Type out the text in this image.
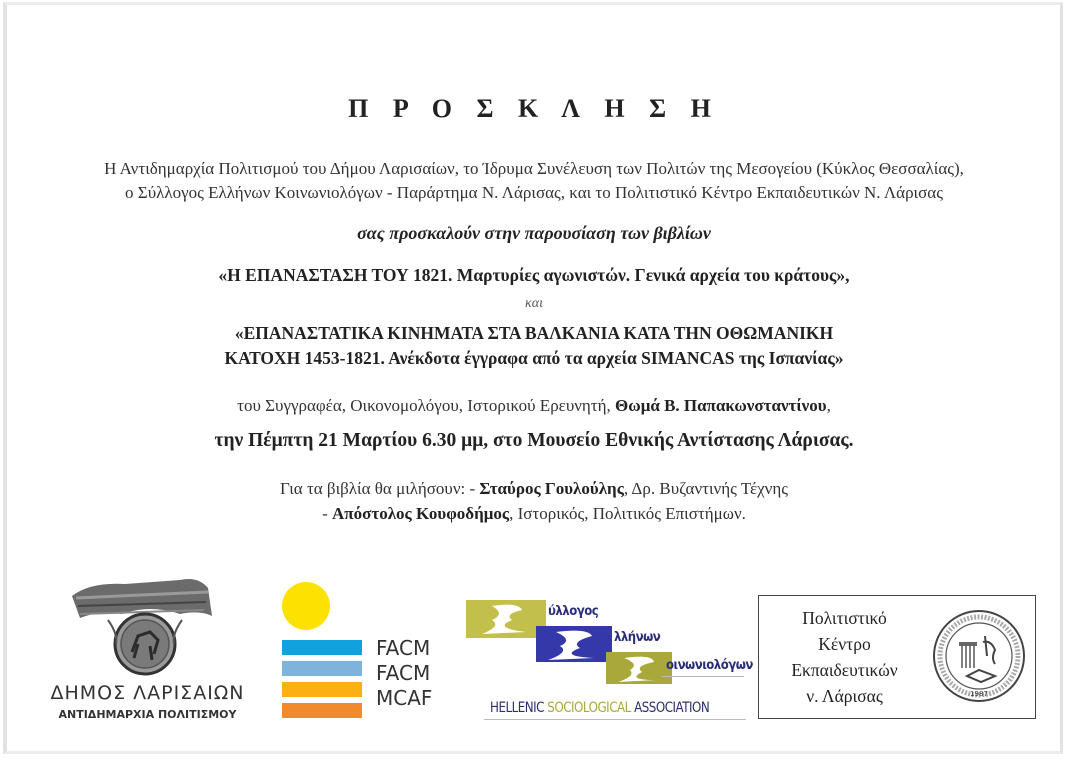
Π Ρ Ο Σ Κ Λ Η Σ Η
Η Αντιδημαρχία Πολιτισμού του Δήμου Λαρισαίων, το Ίδρυμα Συνέλευση των Πολιτών της Μεσογείου (Κύκλος Θεσσαλίας),
ο Σύλλογος Ελλήνων Κοινωνιολόγων - Παράρτημα Ν. Λάρισας, και το Πολιτιστικό Κέντρο Εκπαιδευτικών Ν. Λάρισας
σας προσκαλούν στην παρουσίαση των βιβλίων
«Η ΕΠΑΝΑΣΤΑΣΗ ΤΟΥ 1821. Μαρτυρίες αγωνιστών. Γενικά αρχεία του κράτους»,
και
«ΕΠΑΝΑΣΤΑΤΙΚΑ ΚΙΝΗΜΑΤΑ ΣΤΑ ΒΑΛΚΑΝΙΑ ΚΑΤΑ ΤΗΝ ΟΘΩΜΑΝΙΚΗ
ΚΑΤΟΧΗ 1453-1821. Ανέκδοτα έγγραφα από τα αρχεία SIMANCAS της Ισπανίας»
του Συγγραφέα, Οικονομολόγου, Ιστορικού Ερευνητή, Θωμά Β. Παπακωνσταντίνου,
την Πέμπτη 21 Μαρτίου 6.30 μμ, στο Μουσείο Εθνικής Αντίστασης Λάρισας.
Για τα βιβλία θα μιλήσουν: - Σταύρος Γουλούλης, Δρ. Βυζαντινής Τέχνης
- Απόστολος Κουφοδήμος, Ιστορικός, Πολιτικός Επιστήμων.
ΔΗΜΟΣ ΛΑΡΙΣΑΙΩΝ
ΑΝΤΙΔΗΜΑΡΧΙΑ ΠΟΛΙΤΙΣΜΟΥ
FACM
FACM
MCAF
ύλλογος
λλήνων
οινωνιολόγων
HELLENIC SOCIOLOGICAL ASSOCIATION
Πολιτιστικό
Κέντρο
Εκπαιδευτικών
ν. Λάρισας	1987
